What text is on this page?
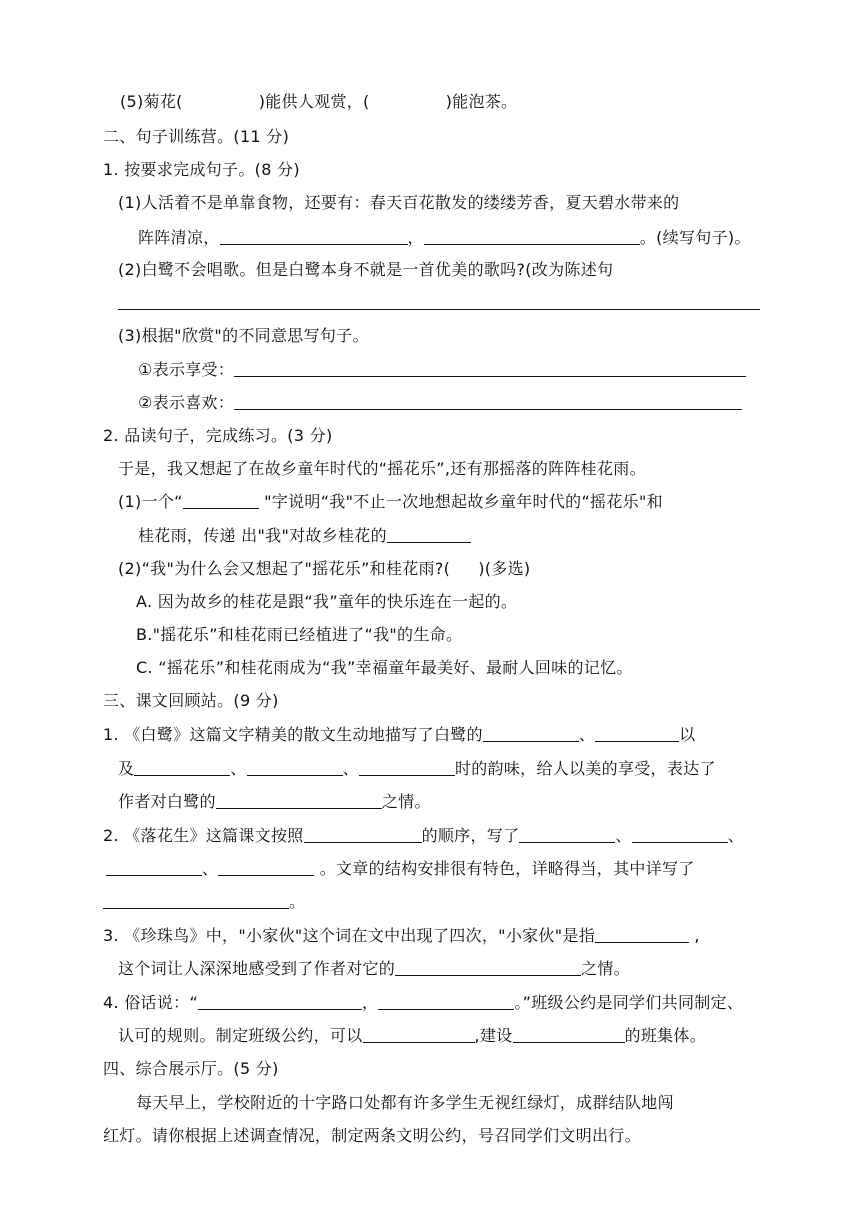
(5)菊花(	)能供人观赏，(	)能泡茶。
二、句子训练营。(11 分)
1. 按要求完成句子。(8 分)
(1)人活着不是单靠食物，还要有：春天百花散发的缕缕芳香，夏天碧水带来的
阵阵清凉，	，	。(续写句子)。
(2)白鹭不会唱歌。但是白鹭本身不就是一首优美的歌吗?(改为陈述句
(3)根据"欣赏"的不同意思写句子。
①表示享受：
②表示喜欢：
2. 品读句子，完成练习。(3 分)
于是，我又想起了在故乡童年时代的“摇花乐”,还有那摇落的阵阵桂花雨。
(1)一个“	"字说明“我"不止一次地想起故乡童年时代的“摇花乐"和
桂花雨，传递 出"我"对故乡桂花的
(2)“我"为什么会又想起了"摇花乐”和桂花雨?( )(多选)
A. 因为故乡的桂花是跟“我”童年的快乐连在一起的。
B."摇花乐”和桂花雨已经植进了“我"的生命。
C. “摇花乐”和桂花雨成为“我”幸福童年最美好、最耐人回味的记忆。
三、课文回顾站。(9 分)
1. 《白鹭》这篇文字精美的散文生动地描写了白鹭的	、	以
及	、	、	时的韵味，给人以美的享受，表达了
作者对白鹭的	之情。
2. 《落花生》这篇课文按照	的顺序，写了	、	、
、	。文章的结构安排很有特色，详略得当，其中详写了
。
3. 《珍珠鸟》中，"小家伙"这个词在文中出现了四次，"小家伙"是指	,
这个词让人深深地感受到了作者对它的	之情。
4. 俗话说：“	，	。”班级公约是同学们共同制定、
认可的规则。制定班级公约，可以	,建设	的班集体。
四、综合展示厅。(5 分)
每天早上，学校附近的十字路口处都有许多学生无视红绿灯，成群结队地闯
红灯。请你根据上述调查情况，制定两条文明公约，号召同学们文明出行。
